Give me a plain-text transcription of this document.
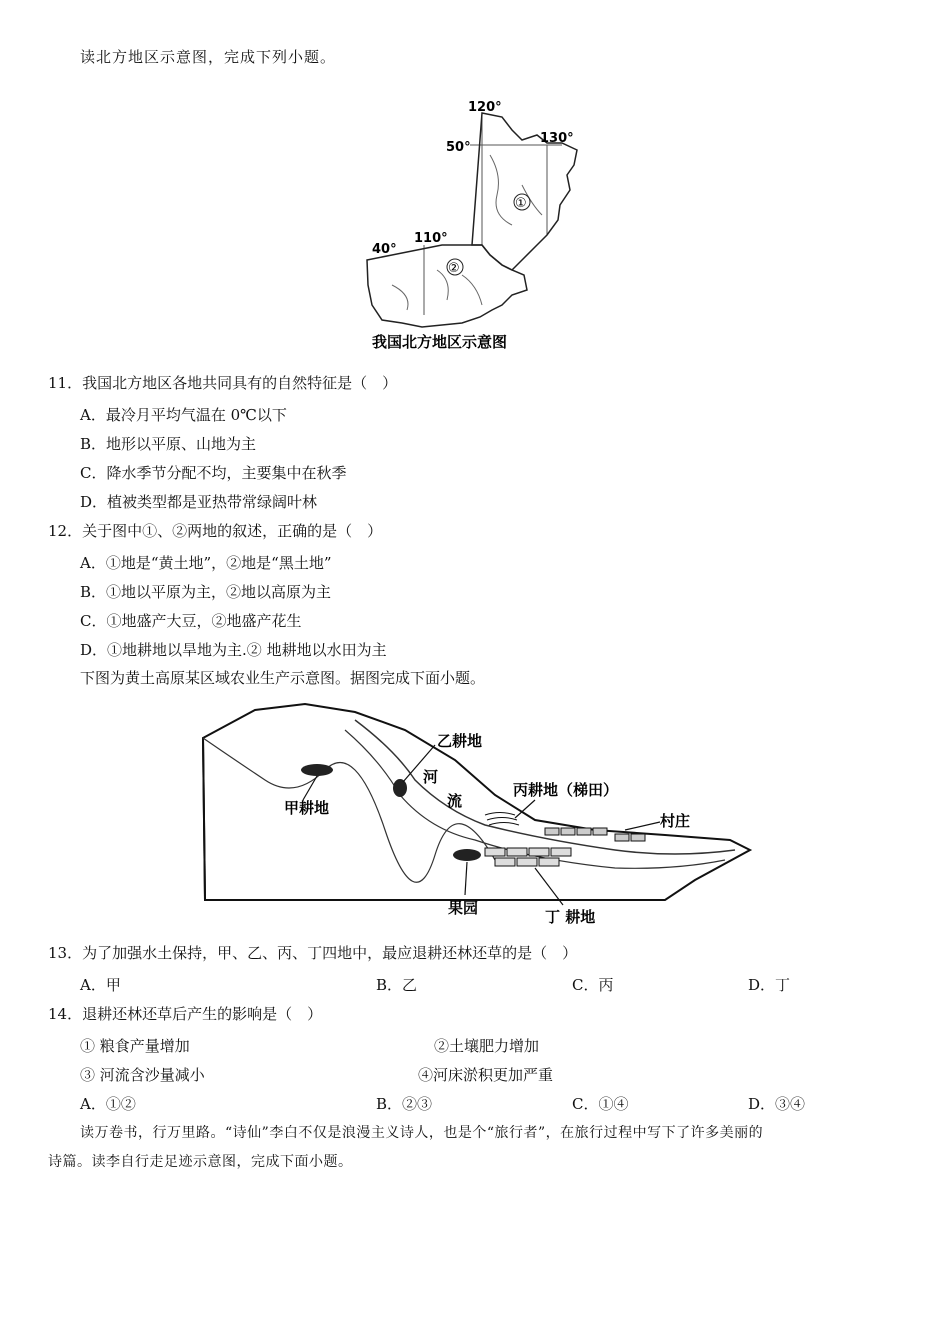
读北方地区示意图，完成下列小题。
120°
130°
50°
110°
40°
①
②
我国北方地区示意图
11．我国北方地区各地共同具有的自然特征是（　）
A．最冷月平均气温在 0℃以下
B．地形以平原、山地为主
C．降水季节分配不均，主要集中在秋季
D．植被类型都是亚热带常绿阔叶林
12．关于图中①、②两地的叙述，正确的是（　）
A．①地是“黄土地”，②地是“黑土地”
B．①地以平原为主，②地以高原为主
C．①地盛产大豆，②地盛产花生
D．①地耕地以旱地为主.② 地耕地以水田为主
下图为黄土高原某区域农业生产示意图。据图完成下面小题。
乙耕地
河
流
甲耕地
丙耕地（梯田）
村庄
果园	丁 耕地
13．为了加强水土保持，甲、乙、丙、丁四地中，最应退耕还林还草的是（　）
A．甲	B．乙	C．丙	D．丁
14．退耕还林还草后产生的影响是（　）
① 粮食产量增加	②土壤肥力增加
③ 河流含沙量减小	④河床淤积更加严重
A．①②	B．②③	C．①④	D．③④
读万卷书，行万里路。“诗仙”李白不仅是浪漫主义诗人，也是个“旅行者”，在旅行过程中写下了许多美丽的
诗篇。读李自行走足迹示意图，完成下面小题。
